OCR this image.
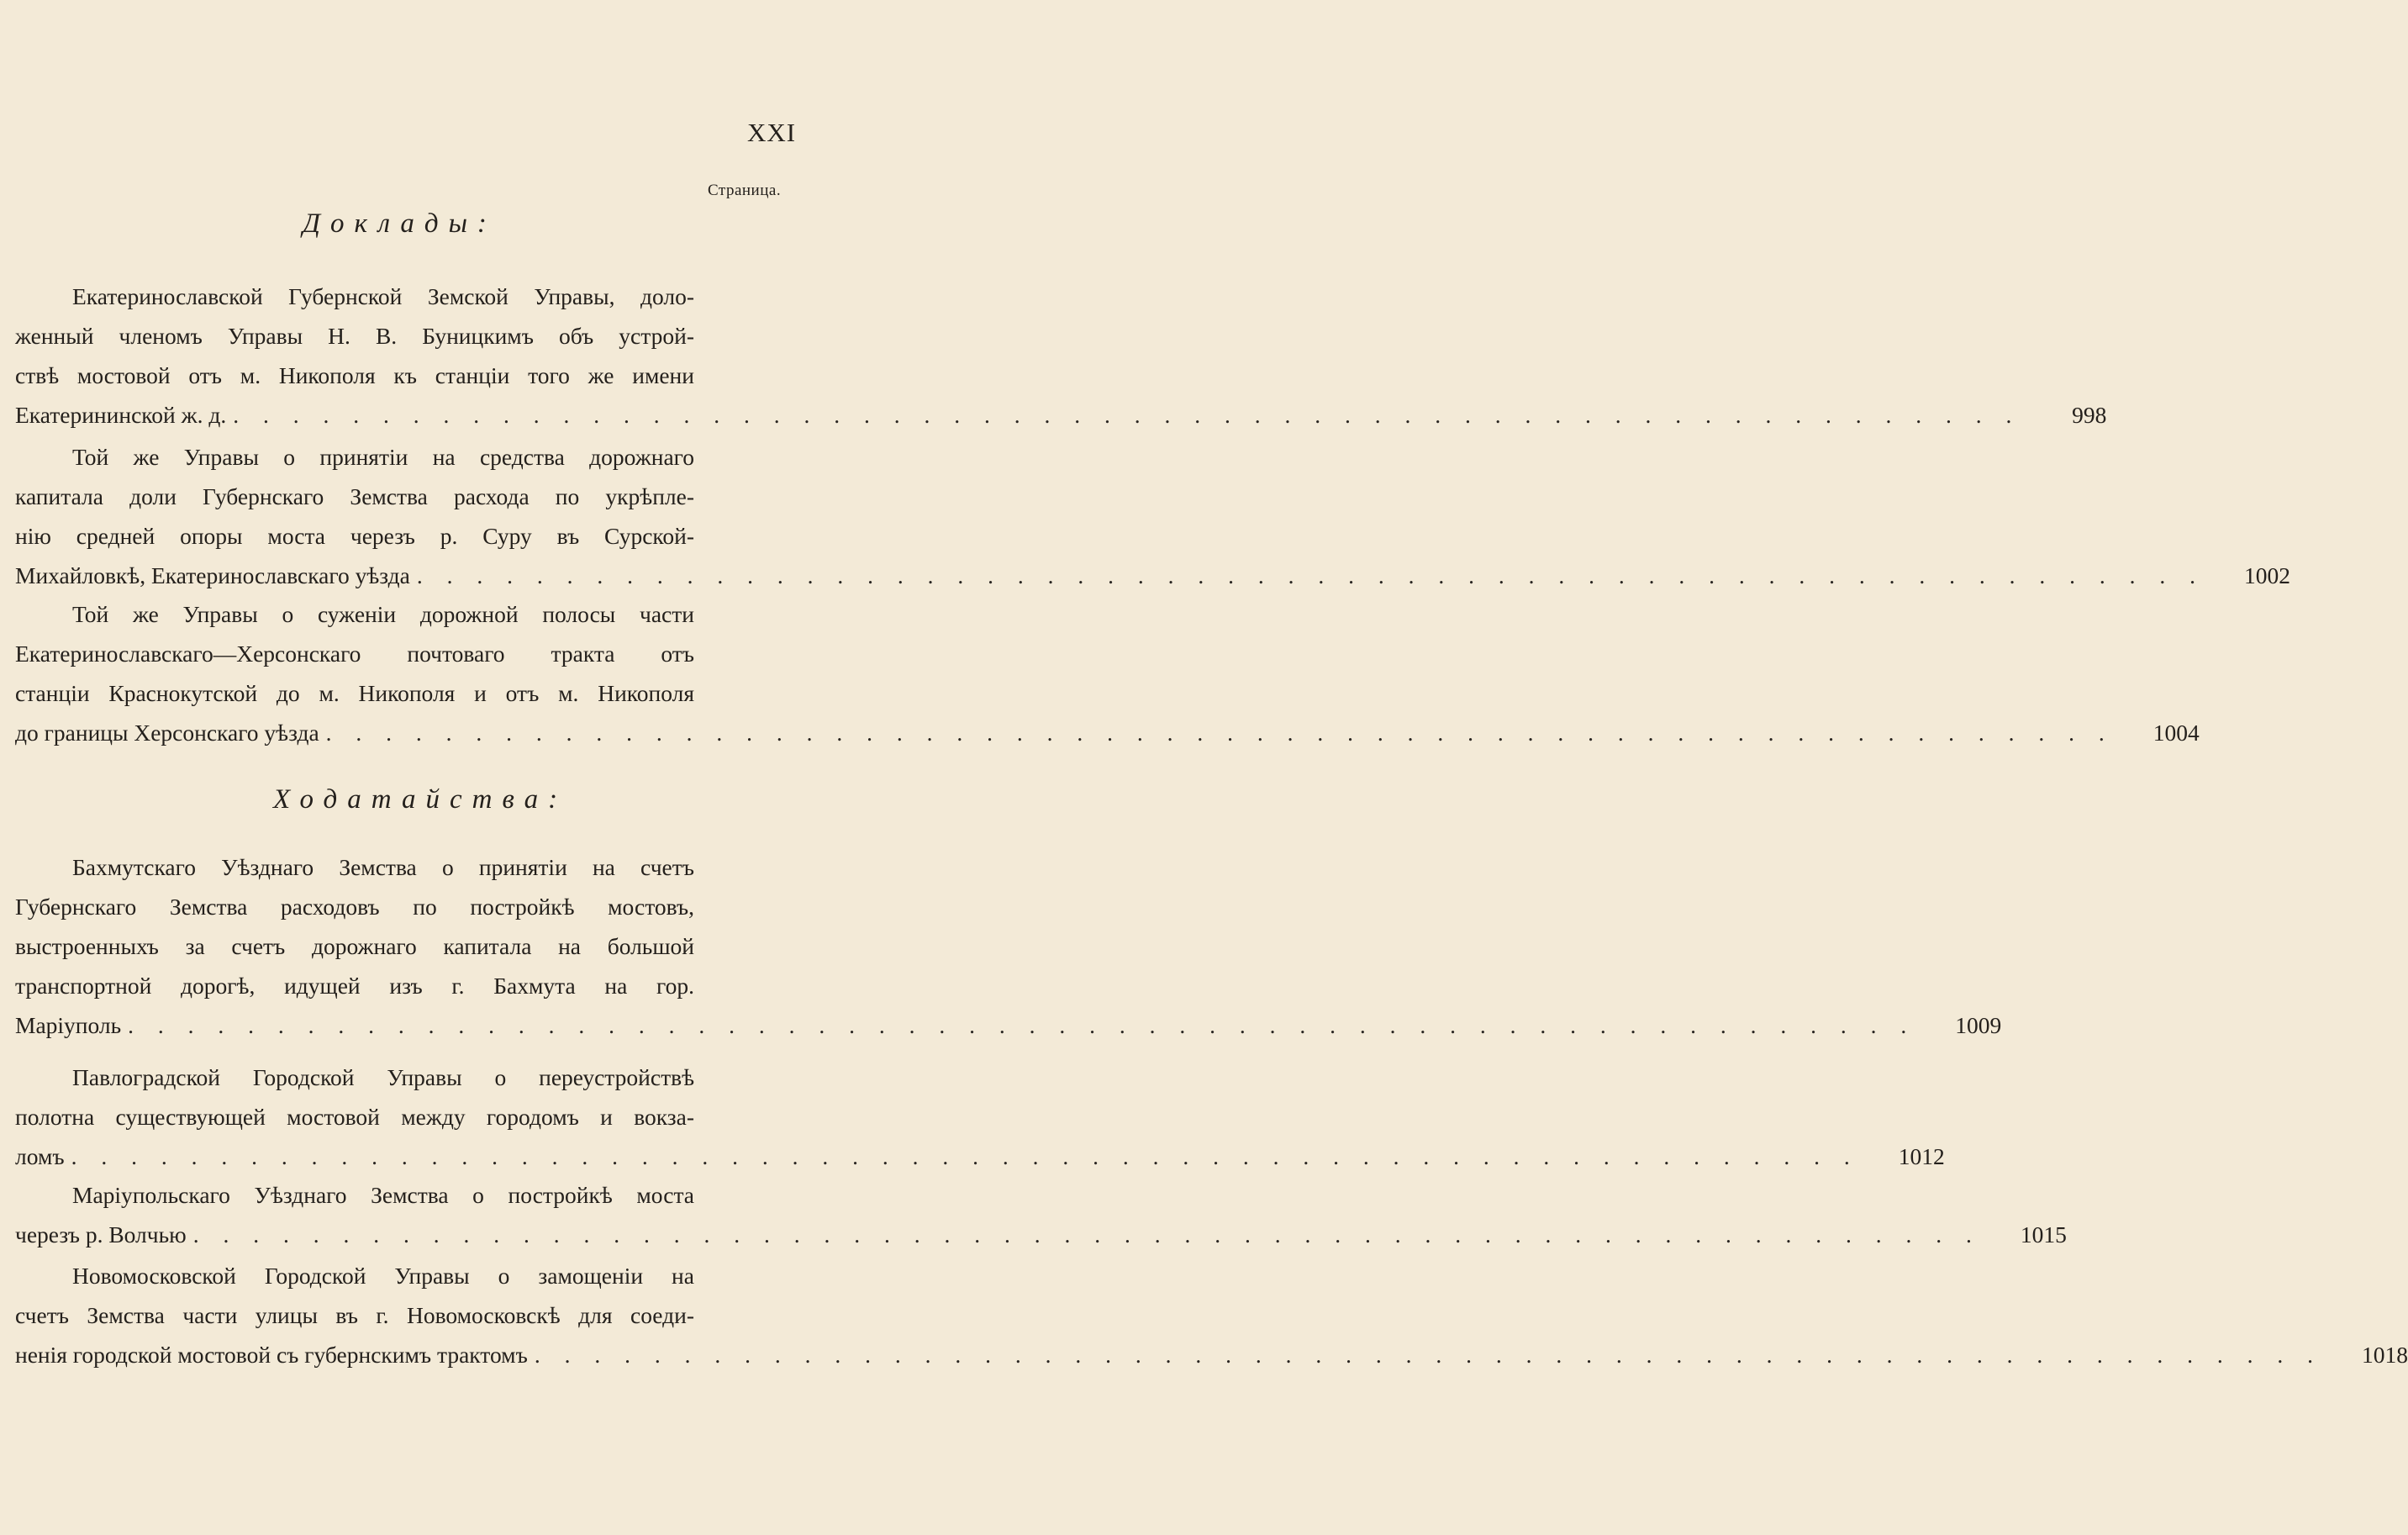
XXI
Страница.
Доклады:
Екатеринославской Губернской Земской Управы, доло-
женный членомъ Управы Н. В. Буницкимъ объ устрой-
ствѣ мостовой отъ м. Никополя къ станціи того же имени
Екатерининской ж. д. . . . . . . . . . . . . . . . . . . . . . . . . . . . . . . . . . . . . . . . . . . . . . . . . . . . . . . . . . . . .	998
Той же Управы о принятіи на средства дорожнаго
капитала доли Губернскаго Земства расхода по укрѣпле-
нію средней опоры моста черезъ р. Суру въ Сурской-
Михайловкѣ, Екатеринославскаго уѣзда . . . . . . . . . . . . . . . . . . . . . . . . . . . . . . . . . . . . . . . . . . . . . . . . . . . . . . . . . . . .	1002
Той же Управы о суженіи дорожной полосы части
Екатеринославскаго—Херсонскаго почтоваго тракта отъ
станціи Краснокутской до м. Никополя и отъ м. Никополя
до границы Херсонскаго уѣзда . . . . . . . . . . . . . . . . . . . . . . . . . . . . . . . . . . . . . . . . . . . . . . . . . . . . . . . . . . . .	1004
Ходатайства:
Бахмутскаго Уѣзднаго Земства о принятіи на счетъ
Губернскаго Земства расходовъ по постройкѣ мостовъ,
выстроенныхъ за счетъ дорожнаго капитала на большой
транспортной дорогѣ, идущей изъ г. Бахмута на гор.
Маріуполь . . . . . . . . . . . . . . . . . . . . . . . . . . . . . . . . . . . . . . . . . . . . . . . . . . . . . . . . . . . .	1009
Павлоградской Городской Управы о переустройствѣ
полотна существующей мостовой между городомъ и вокза-
ломъ . . . . . . . . . . . . . . . . . . . . . . . . . . . . . . . . . . . . . . . . . . . . . . . . . . . . . . . . . . . .	1012
Маріупольскаго Уѣзднаго Земства о постройкѣ моста
черезъ р. Волчью . . . . . . . . . . . . . . . . . . . . . . . . . . . . . . . . . . . . . . . . . . . . . . . . . . . . . . . . . . . .	1015
Новомосковской Городской Управы о замощеніи на
счетъ Земства части улицы въ г. Новомосковскѣ для соеди-
ненія городской мостовой съ губернскимъ трактомъ . . . . . . . . . . . . . . . . . . . . . . . . . . . . . . . . . . . . . . . . . . . . . . . . . . . . . . . . . . . .	1018
